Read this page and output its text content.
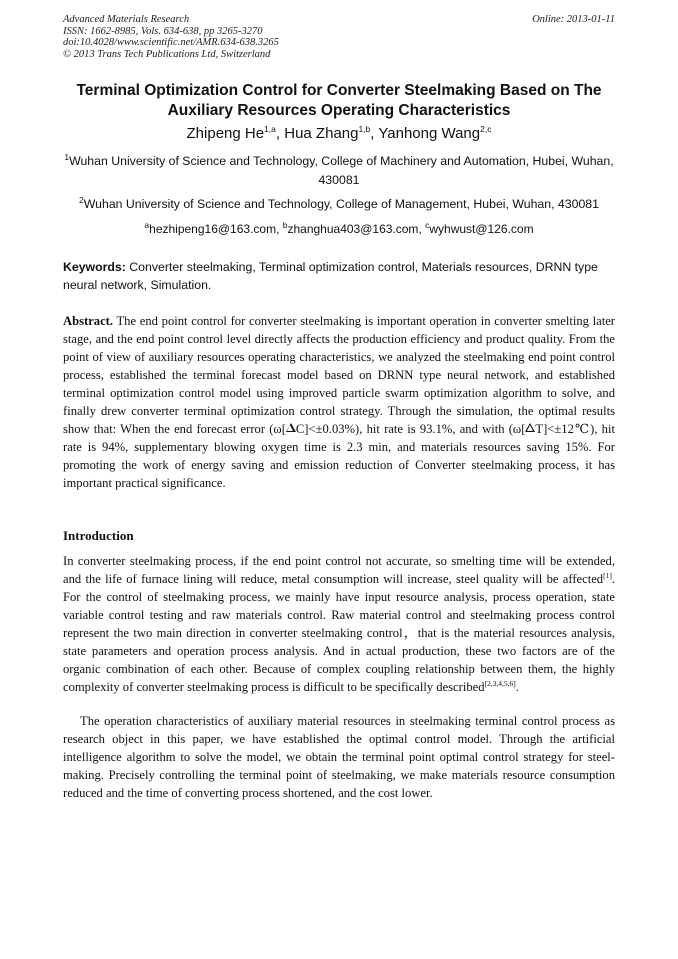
Advanced Materials Research
ISSN: 1662-8985, Vols. 634-638, pp 3265-3270
doi:10.4028/www.scientific.net/AMR.634-638.3265
© 2013 Trans Tech Publications Ltd, Switzerland
Online: 2013-01-11
Terminal Optimization Control for Converter Steelmaking Based on The Auxiliary Resources Operating Characteristics
Zhipeng He$^{1,a}$, Hua Zhang$^{1,b}$, Yanhong Wang$^{2,c}$
$^1$Wuhan University of Science and Technology, College of Machinery and Automation, Hubei, Wuhan, 430081
$^2$Wuhan University of Science and Technology, College of Management, Hubei, Wuhan, 430081
$^a$hezhipeng16@163.com, $^b$zhanghua403@163.com, $^c$wyhwust@126.com
Keywords: Converter steelmaking, Terminal optimization control, Materials resources, DRNN type neural network, Simulation.
Abstract. The end point control for converter steelmaking is important operation in converter smelting later stage, and the end point control level directly affects the production efficiency and product quality. From the point of view of auxiliary resources operating characteristics, we analyzed the steelmaking end point control process, established the terminal forecast model based on DRNN type neural network, and established terminal optimization control model using improved particle swarm optimization algorithm to solve, and finally drew converter terminal optimization control strategy. Through the simulation, the optimal results show that: When the end forecast error (ω[ C]<±0.03%), hit rate is 93.1%, and with (ω[ T]<±12℃), hit rate is 94%, supplementary blowing oxygen time is 2.3 min, and materials resources saving 15%. For promoting the work of energy saving and emission reduction of Converter steelmaking process, it has important practical significance.
Introduction
In converter steelmaking process, if the end point control not accurate, so smelting time will be extended, and the life of furnace lining will reduce, metal consumption will increase, steel quality will be affected[1]. For the control of steelmaking process, we mainly have input resource analysis, process operation, state variable control testing and raw materials control. Raw material control and steelmaking process control represent the two main direction in converter steelmaking control，that is the material resources analysis, state parameters and operation process analysis. And in actual production, these two factors are of the organic combination of each other. Because of complex coupling relationship between them, the highly complexity of converter steelmaking process is difficult to be specifically described[2,3,4,5,6].
The operation characteristics of auxiliary material resources in steelmaking terminal control process as research object in this paper, we have established the optimal control model. Through the artificial intelligence algorithm to solve the model, we obtain the terminal point optimal control strategy for steel-making. Precisely controlling the terminal point of steelmaking, we make materials resource consumption reduced and the time of converting process shortened, and the cost lower.
